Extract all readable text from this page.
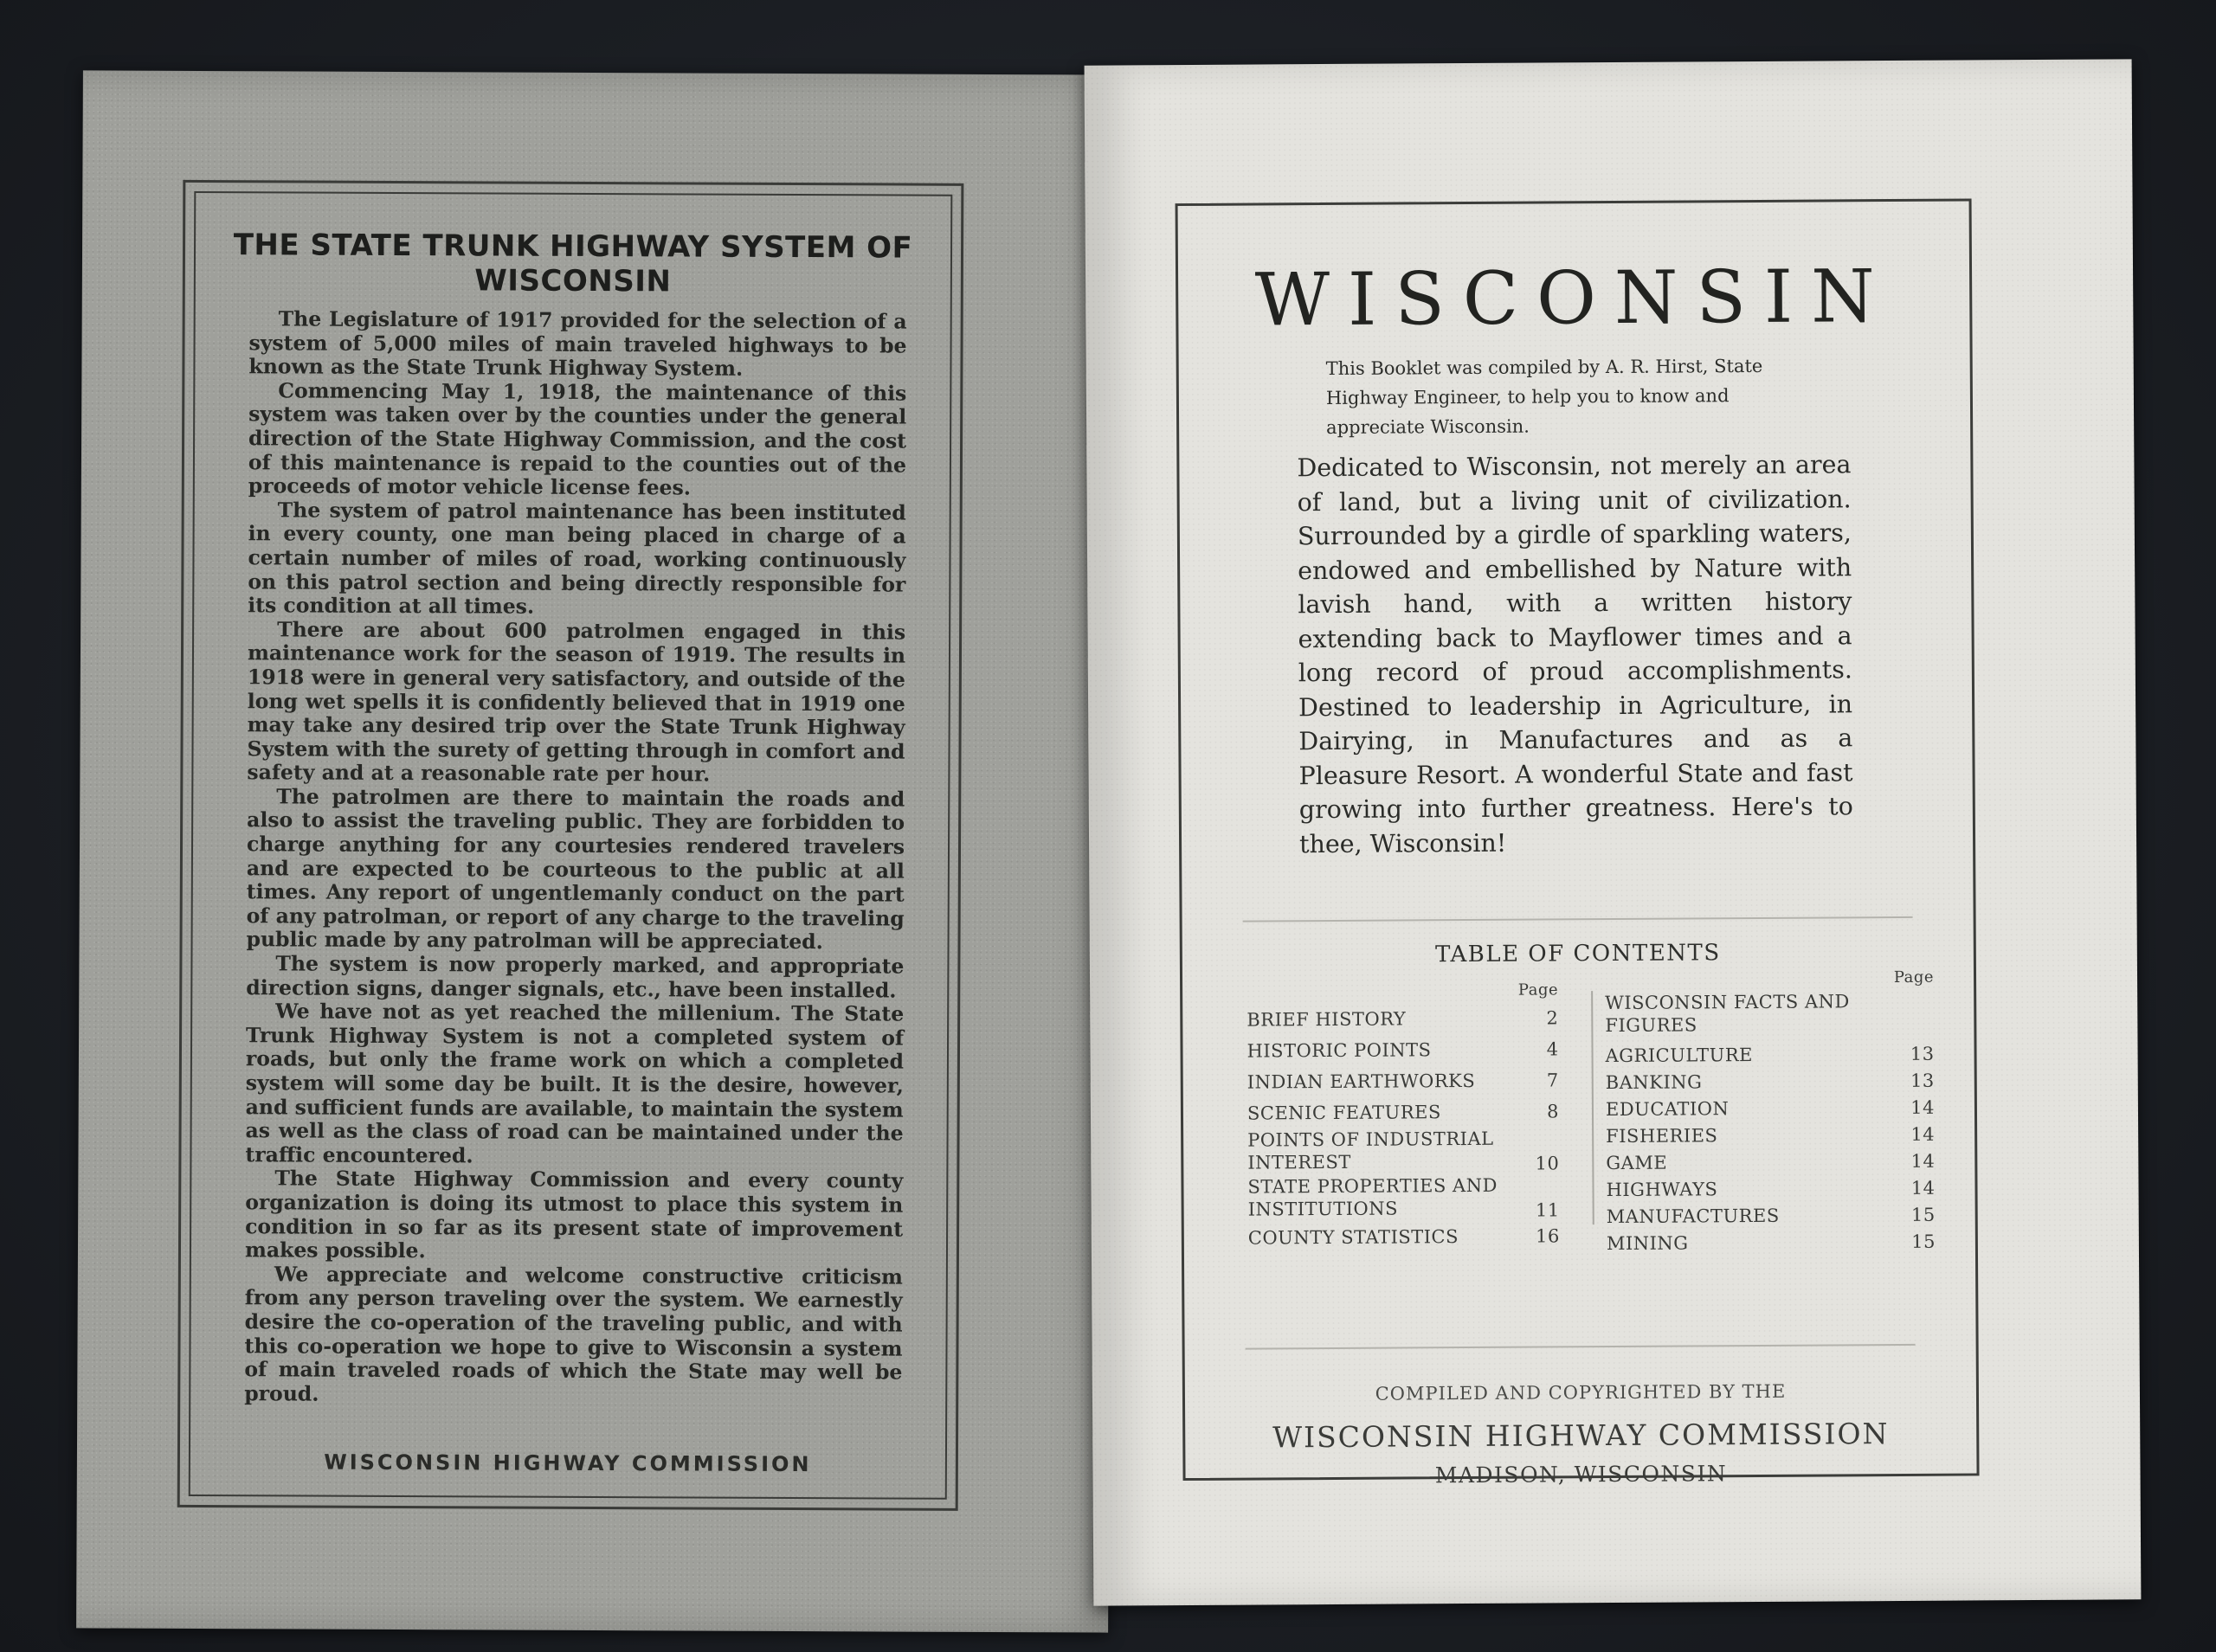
THE STATE TRUNK HIGHWAY SYSTEM OF WISCONSIN

The Legislature of 1917 provided for the selection of a system of 5,000 miles of main traveled highways to be known as the State Trunk Highway System.

Commencing May 1, 1918, the maintenance of this system was taken over by the counties under the general direction of the State Highway Commission, and the cost of this maintenance is repaid to the counties out of the proceeds of motor vehicle license fees.

The system of patrol maintenance has been instituted in every county, one man being placed in charge of a certain number of miles of road, working continuously on this patrol section and being directly responsible for its condition at all times.

There are about 600 patrolmen engaged in this maintenance work for the season of 1919. The results in 1918 were in general very satisfactory, and outside of the long wet spells it is confidently believed that in 1919 one may take any desired trip over the State Trunk Highway System with the surety of getting through in comfort and safety and at a reasonable rate per hour.

The patrolmen are there to maintain the roads and also to assist the traveling public. They are forbidden to charge anything for any courtesies rendered travelers and are expected to be courteous to the public at all times. Any report of ungentlemanly conduct on the part of any patrolman, or report of any charge to the traveling public made by any patrolman will be appreciated.

The system is now properly marked, and appropriate direction signs, danger signals, etc., have been installed.

We have not as yet reached the millenium. The State Trunk Highway System is not a completed system of roads, but only the frame work on which a completed system will some day be built. It is the desire, however, and sufficient funds are available, to maintain the system as well as the class of road can be maintained under the traffic encountered.

The State Highway Commission and every county organization is doing its utmost to place this system in condition in so far as its present state of improvement makes possible.

We appreciate and welcome constructive criticism from any person traveling over the system. We earnestly desire the co-operation of the traveling public, and with this co-operation we hope to give to Wisconsin a system of main traveled roads of which the State may well be proud.

WISCONSIN HIGHWAY COMMISSION
WISCONSIN
This Booklet was compiled by A. R. Hirst, State Highway Engineer, to help you to know and appreciate Wisconsin.
Dedicated to Wisconsin, not merely an area of land, but a living unit of civilization. Surrounded by a girdle of sparkling waters, endowed and embellished by Nature with lavish hand, with a written history extending back to Mayflower times and a long record of proud accomplishments. Destined to leadership in Agriculture, in Dairying, in Manufactures and as a Pleasure Resort. A wonderful State and fast growing into further greatness. Here's to thee, Wisconsin!
TABLE OF CONTENTS
Page
BRIEF HISTORY	2
HISTORIC POINTS	4
INDIAN EARTHWORKS	7
SCENIC FEATURES	8
POINTS OF INDUSTRIAL
INTEREST	10
STATE PROPERTIES AND
INSTITUTIONS	11
COUNTY STATISTICS	16
Page
WISCONSIN FACTS AND FIGURES
AGRICULTURE	13
BANKING	13
EDUCATION	14
FISHERIES	14
GAME	14
HIGHWAYS	14
MANUFACTURES	15
MINING	15
COMPILED AND COPYRIGHTED BY THE
WISCONSIN HIGHWAY COMMISSION
MADISON, WISCONSIN
